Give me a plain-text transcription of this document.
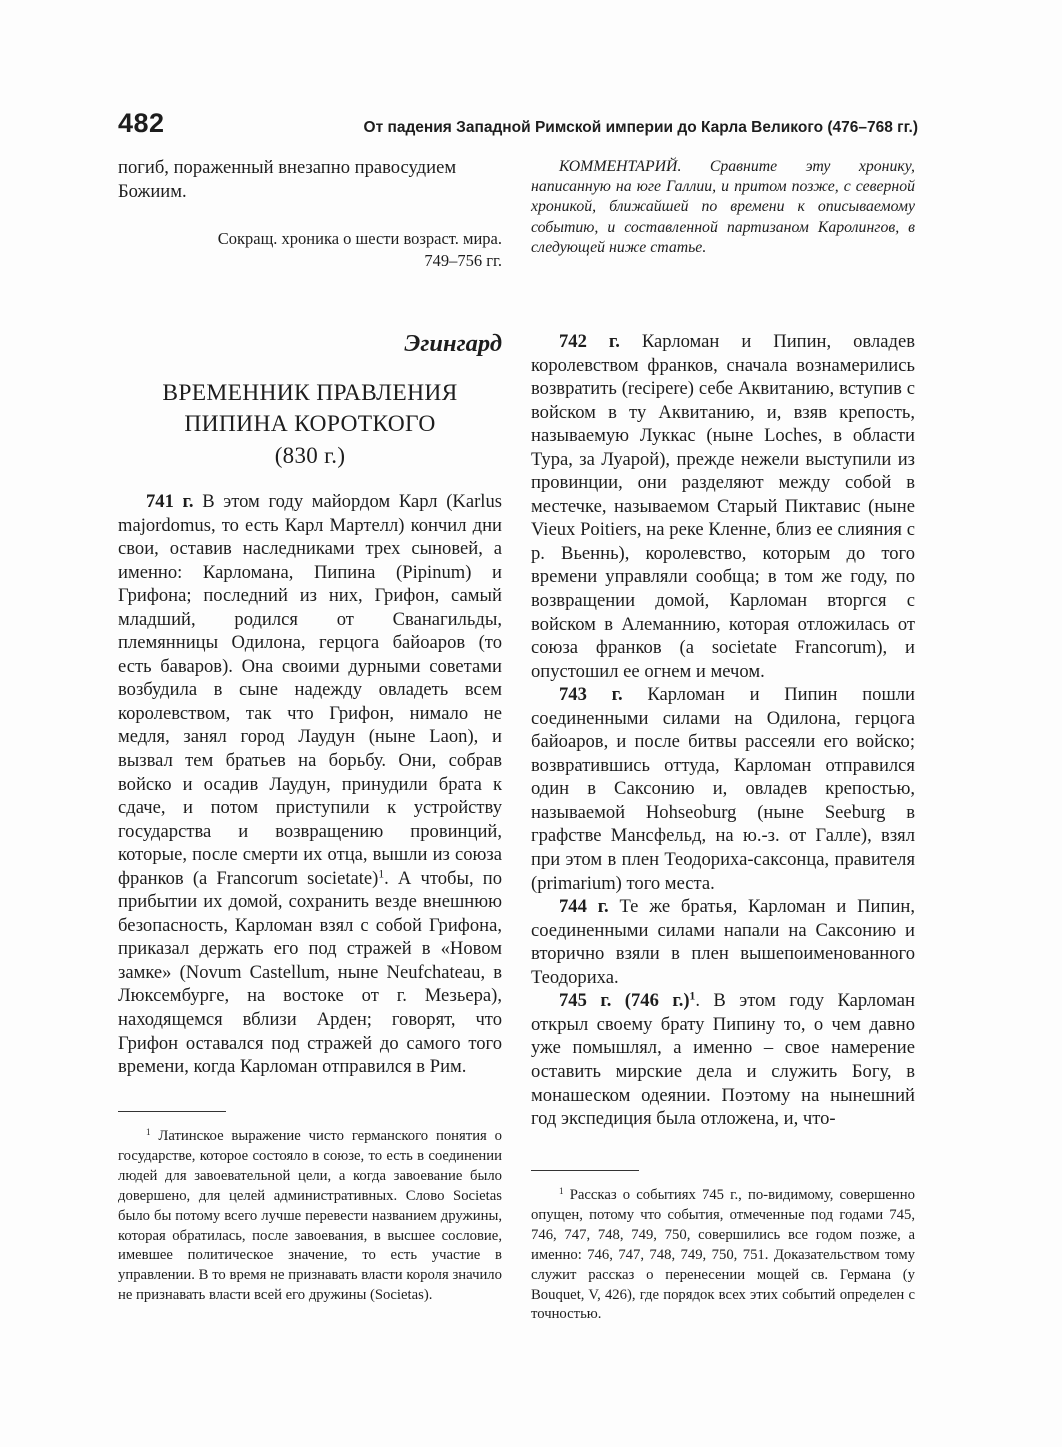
482	От падения Западной Римской империи до Карла Великого (476–768 гг.)

погиб, пораженный внезапно правосудием Божиим.

Сокращ. хроника о шести возраст. мира.

749–756 гг.

Эгингард

ВРЕМЕННИК ПРАВЛЕНИЯ
ПИПИНА КОРОТКОГО
(830 г.)

741 г. В этом году майордом Карл (Karlus majordomus, то есть Карл Мартелл) кончил дни свои, оставив наследниками трех сыновей, а именно: Карломана, Пипина (Pipinum) и Грифона; последний из них, Грифон, самый младший, родился от Сванагильды, племянницы Одилона, герцога байоаров (то есть баваров). Она своими дурными советами возбудила в сыне надежду овладеть всем королевством, так что Грифон, нимало не медля, занял город Лаудун (ныне Laon), и вызвал тем братьев на борьбу. Они, собрав войско и осадив Лаудун, принудили брата к сдаче, и потом приступили к устройству государства и возвращению провинций, которые, после смерти их отца, вышли из союза франков (a Francorum societate)$^1$. А чтобы, по прибытии их домой, сохранить везде внешнюю безопасность, Карломан взял с собой Грифона, приказал держать его под стражей в «Новом замке» (Novum Castellum, ныне Neufchateau, в Люксембурге, на востоке от г. Мезьера), находящемся вблизи Арден; говорят, что Грифон оставался под стражей до самого того времени, когда Карломан отправился в Рим.

$^1$ Латинское выражение чисто германского понятия о государстве, которое состояло в союзе, то есть в соединении людей для завоевательной цели, а когда завоевание было довершено, для целей административных. Слово Societas было бы потому всего лучше перевести названием дружины, которая обратилась, после завоевания, в высшее сословие, имевшее политическое значение, то есть участие в управлении. В то время не признавать власти короля значило не признавать власти всей его дружины (Societas).

КОММЕНТАРИЙ. Сравните эту хронику, написанную на юге Галлии, и притом позже, с северной хроникой, ближайшей по времени к описываемому событию, и составленной партизаном Каролингов, в следующей ниже статье.

742 г. Карломан и Пипин, овладев королевством франков, сначала вознамерились возвратить (recipere) себе Аквитанию, вступив с войском в ту Аквитанию, и, взяв крепость, называемую Луккас (ныне Loches, в области Тура, за Луарой), прежде нежели выступили из провинции, они разделяют между собой в местечке, называемом Старый Пиктавис (ныне Vieux Poitiers, на реке Кленне, близ ее слияния с р. Вьеннь), королевство, которым до того времени управляли сообща; в том же году, по возвращении домой, Карломан вторгся с войском в Алеманнию, которая отложилась от союза франков (a societate Francorum), и опустошил ее огнем и мечом.

743 г. Карломан и Пипин пошли соединенными силами на Одилона, герцога байоаров, и после битвы рассеяли его войско; возвратившись оттуда, Карломан отправился один в Саксонию и, овладев крепостью, называемой Hohseoburg (ныне Seeburg в графстве Мансфельд, на ю.-з. от Галле), взял при этом в плен Теодориха-саксонца, правителя (primarium) того места.

744 г. Те же братья, Карломан и Пипин, соединенными силами напали на Саксонию и вторично взяли в плен вышепоименованного Теодориха.

745 г. (746 г.)$^1$. В этом году Карломан открыл своему брату Пипину то, о чем давно уже помышлял, а именно – свое намерение оставить мирские дела и служить Богу, в монашеском одеянии. Поэтому на нынешний год экспедиция была отложена, и, что-

$^1$ Рассказ о событиях 745 г., по-видимому, совершенно опущен, потому что события, отмеченные под годами 745, 746, 747, 748, 749, 750, совершились все годом позже, а именно: 746, 747, 748, 749, 750, 751. Доказательством тому служит рассказ о перенесении мощей св. Германа (у Bouquet, V, 426), где порядок всех этих событий определен с точностью.
